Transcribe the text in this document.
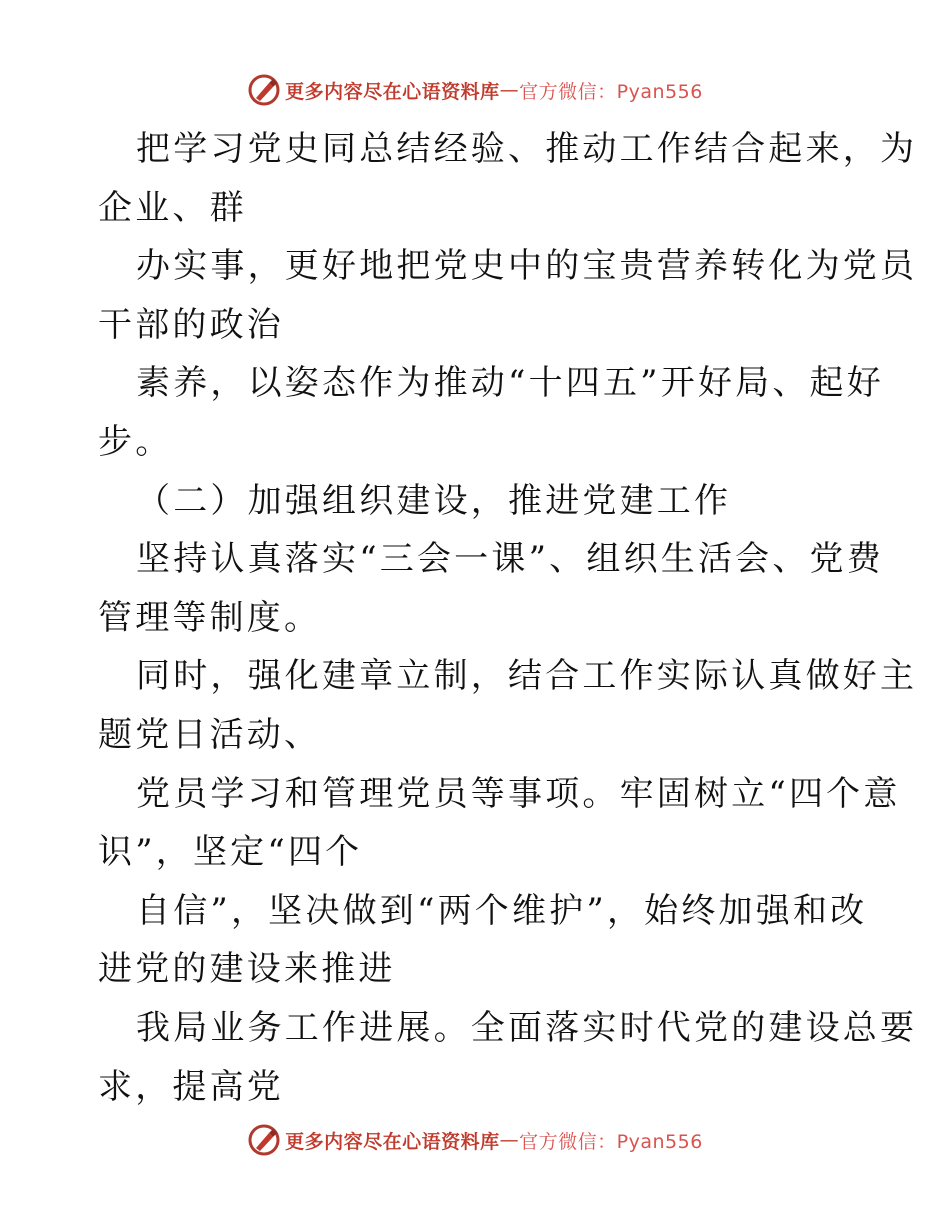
更多内容尽在心语资料库 — 官方微信：Pyan556
把学习党史同总结经验、推动工作结合起来，为
企业、群
办实事，更好地把党史中的宝贵营养转化为党员
干部的政治
素养，以姿态作为推动“十四五”开好局、起好
步。
（二）加强组织建设，推进党建工作
坚持认真落实“三会一课”、组织生活会、党费
管理等制度。
同时，强化建章立制，结合工作实际认真做好主
题党日活动、
党员学习和管理党员等事项。牢固树立“四个意
识”，坚定“四个
自信”，坚决做到“两个维护”，始终加强和改
进党的建设来推进
我局业务工作进展。全面落实时代党的建设总要
求，提高党
更多内容尽在心语资料库 — 官方微信：Pyan556
